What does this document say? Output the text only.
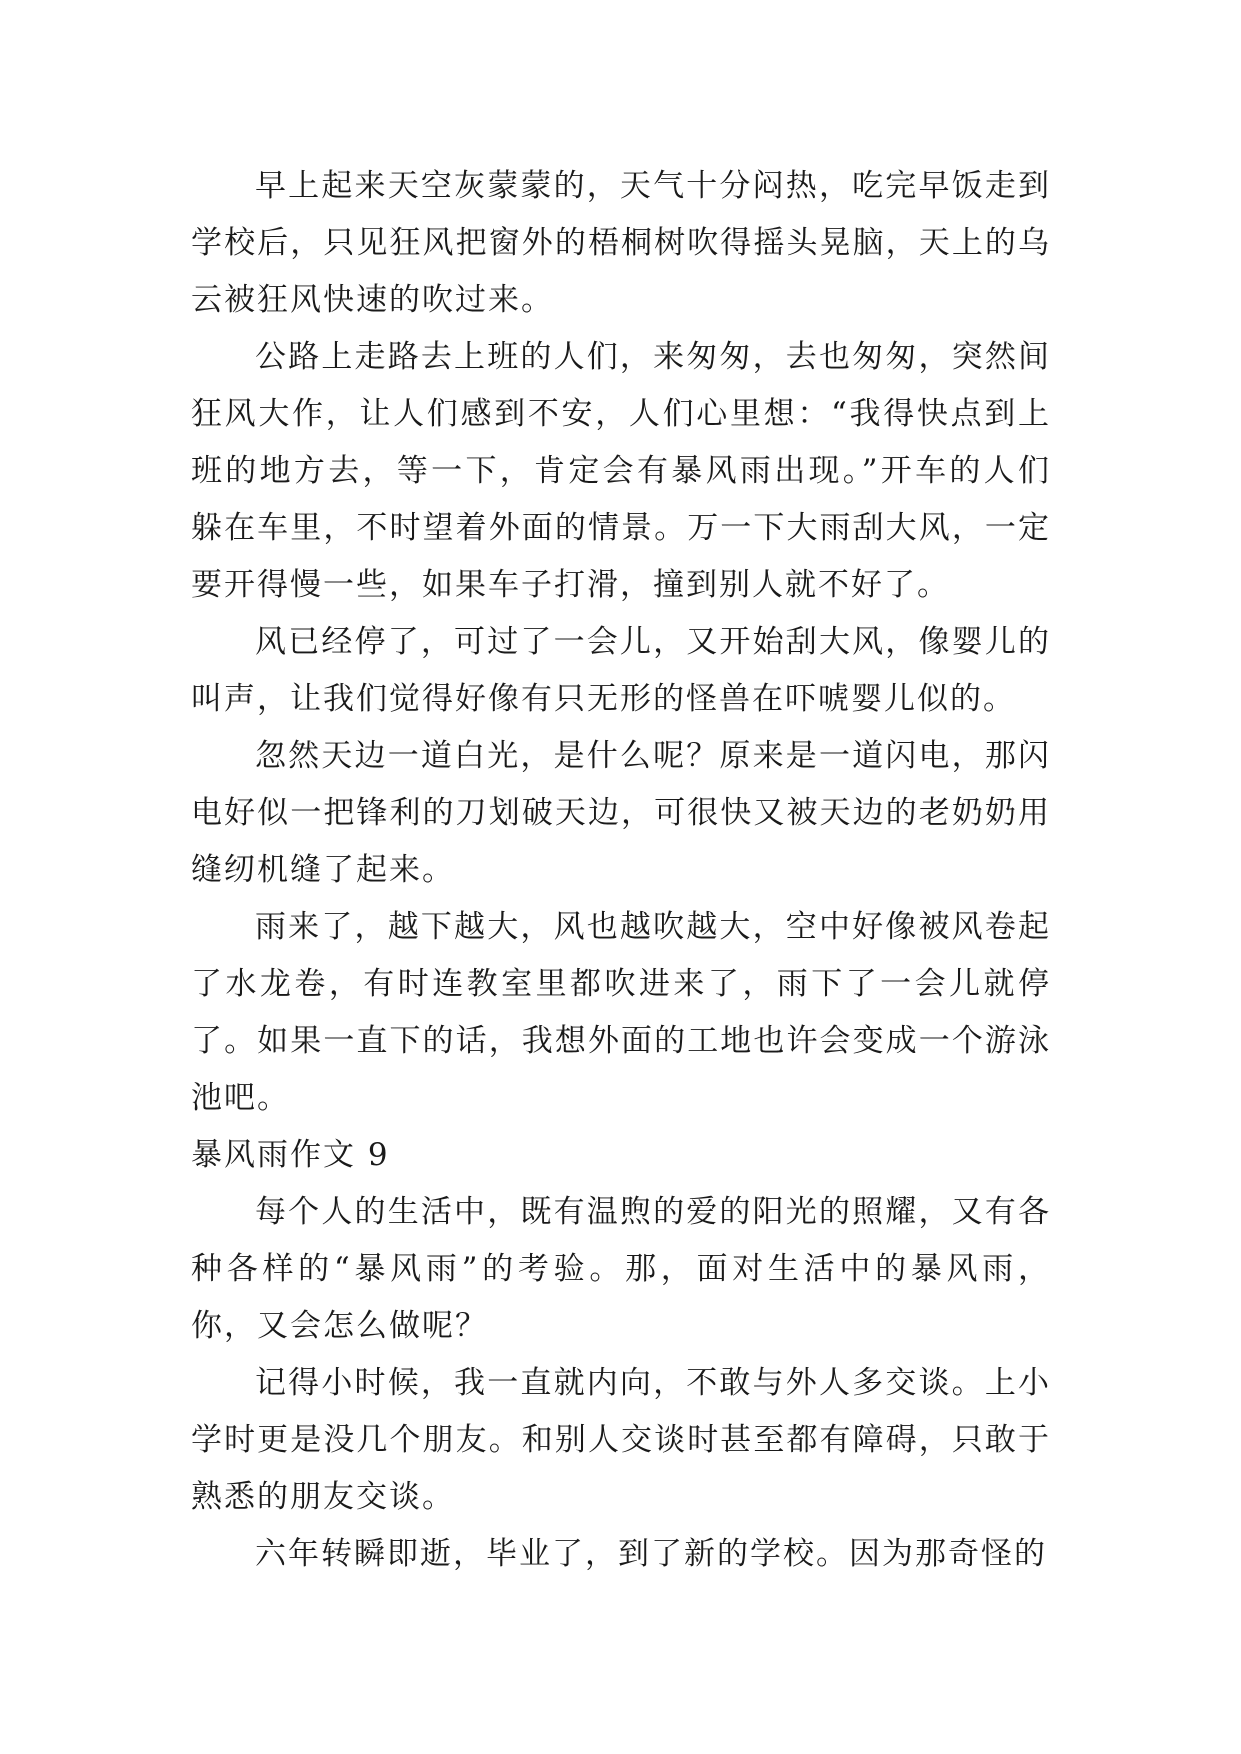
早上起来天空灰蒙蒙的，天气十分闷热，吃完早饭走到学校后，只见狂风把窗外的梧桐树吹得摇头晃脑，天上的乌云被狂风快速的吹过来。

公路上走路去上班的人们，来匆匆，去也匆匆，突然间狂风大作，让人们感到不安，人们心里想：“我得快点到上班的地方去，等一下，肯定会有暴风雨出现。”开车的人们躲在车里，不时望着外面的情景。万一下大雨刮大风，一定要开得慢一些，如果车子打滑，撞到别人就不好了。

风已经停了，可过了一会儿，又开始刮大风，像婴儿的叫声，让我们觉得好像有只无形的怪兽在吓唬婴儿似的。

忽然天边一道白光，是什么呢？原来是一道闪电，那闪电好似一把锋利的刀划破天边，可很快又被天边的老奶奶用缝纫机缝了起来。

雨来了，越下越大，风也越吹越大，空中好像被风卷起了水龙卷，有时连教室里都吹进来了，雨下了一会儿就停了。如果一直下的话，我想外面的工地也许会变成一个游泳池吧。

暴风雨作文 9

每个人的生活中，既有温煦的爱的阳光的照耀，又有各种各样的“暴风雨”的考验。那，面对生活中的暴风雨，你，又会怎么做呢？

记得小时候，我一直就内向，不敢与外人多交谈。上小学时更是没几个朋友。和别人交谈时甚至都有障碍，只敢于熟悉的朋友交谈。

六年转瞬即逝，毕业了，到了新的学校。因为那奇怪的
